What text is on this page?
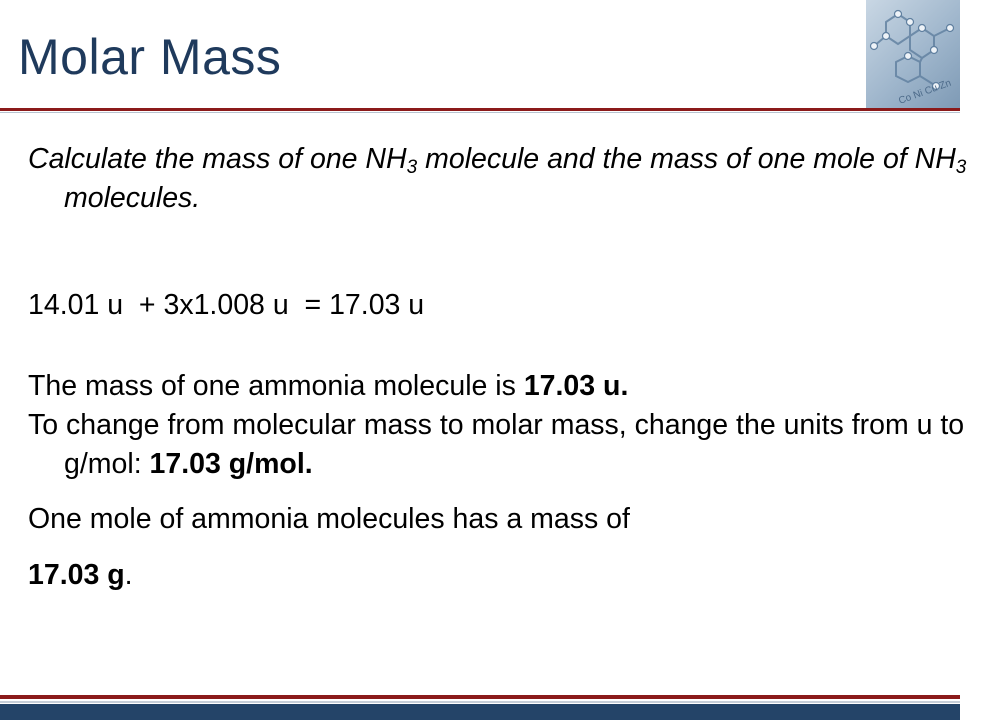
Molar Mass
Co Ni Cu Zn

Calculate the mass of one $NH_3$ molecule and the mass of one mole of $NH_3$ molecules.

14.01 u  + 3x1.008 u  = 17.03 u

The mass of one ammonia molecule is 17.03 u.

To change from molecular mass to molar mass, change the units from u to g/mol: 17.03 g/mol.

One mole of ammonia molecules has a mass of

17.03 g.
